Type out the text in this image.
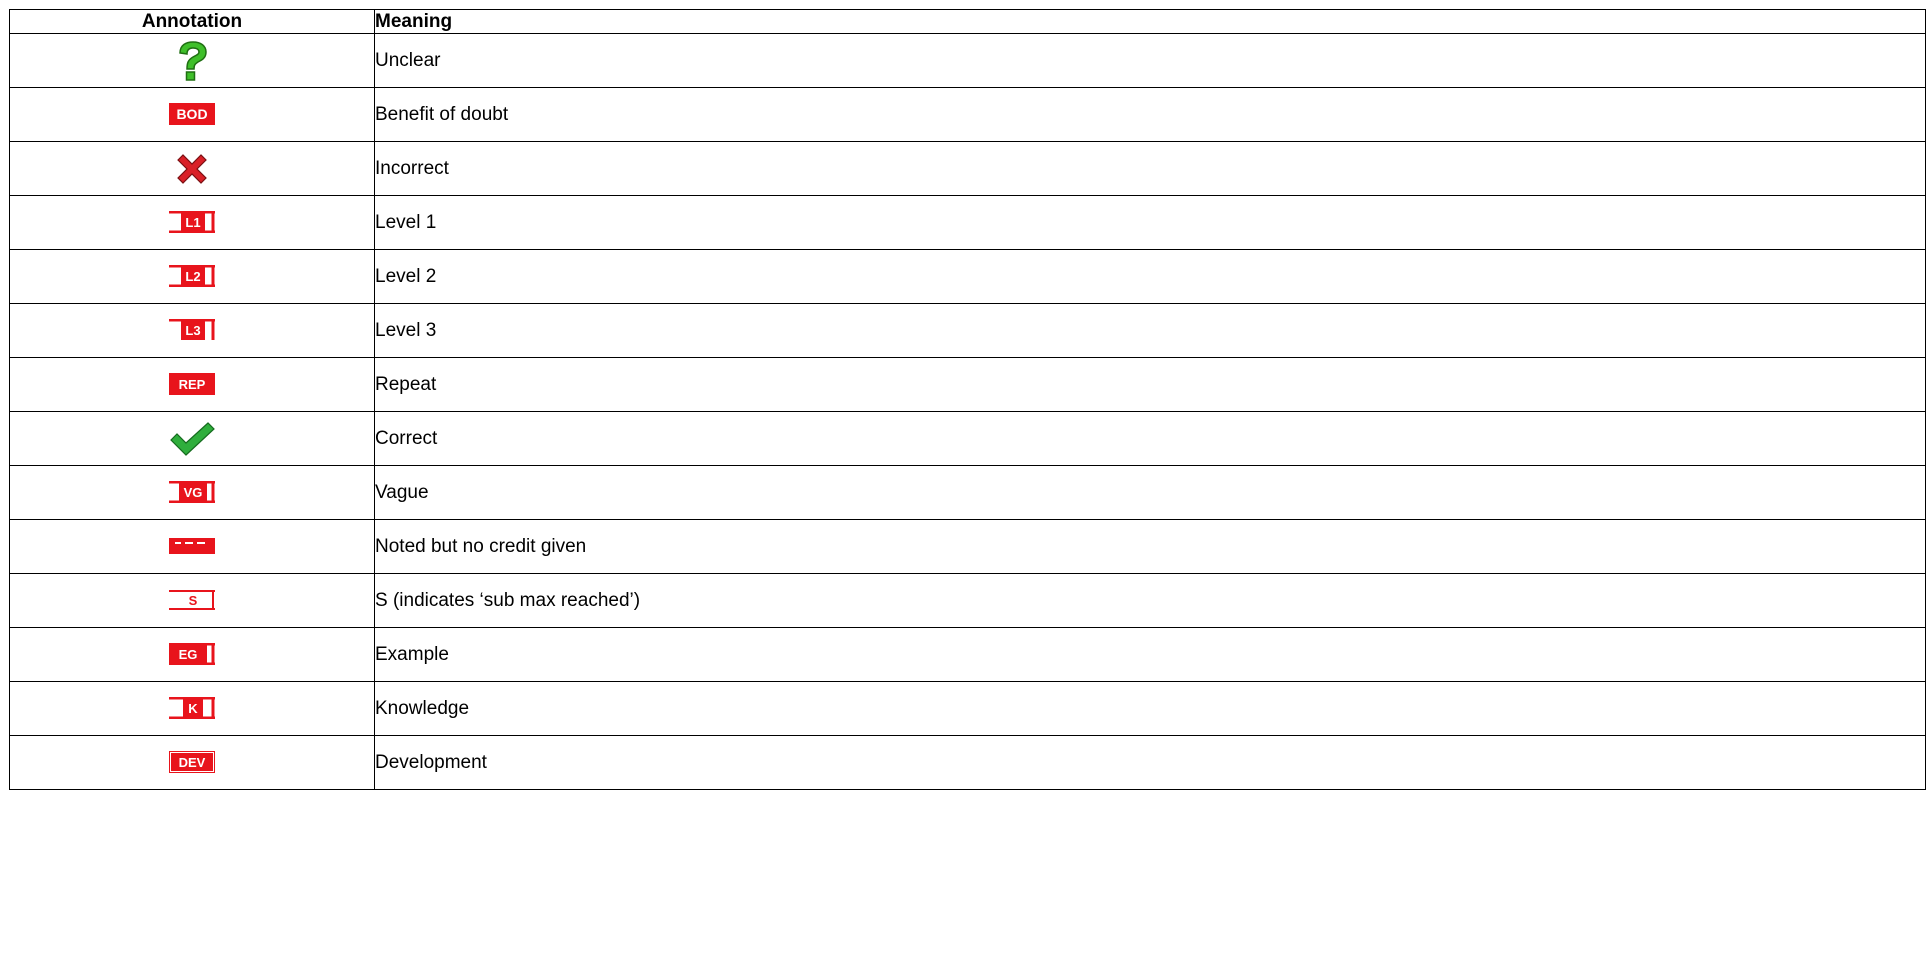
Annotation	Meaning

	Unclear

BOD	Benefit of doubt

	Incorrect

L1	Level 1

L2	Level 2

L3	Level 3

REP	Repeat

	Correct

VG	Vague
	Noted but no credit given

S	S (indicates ‘sub max reached’)

EG	Example

K	Knowledge

DEV	Development
